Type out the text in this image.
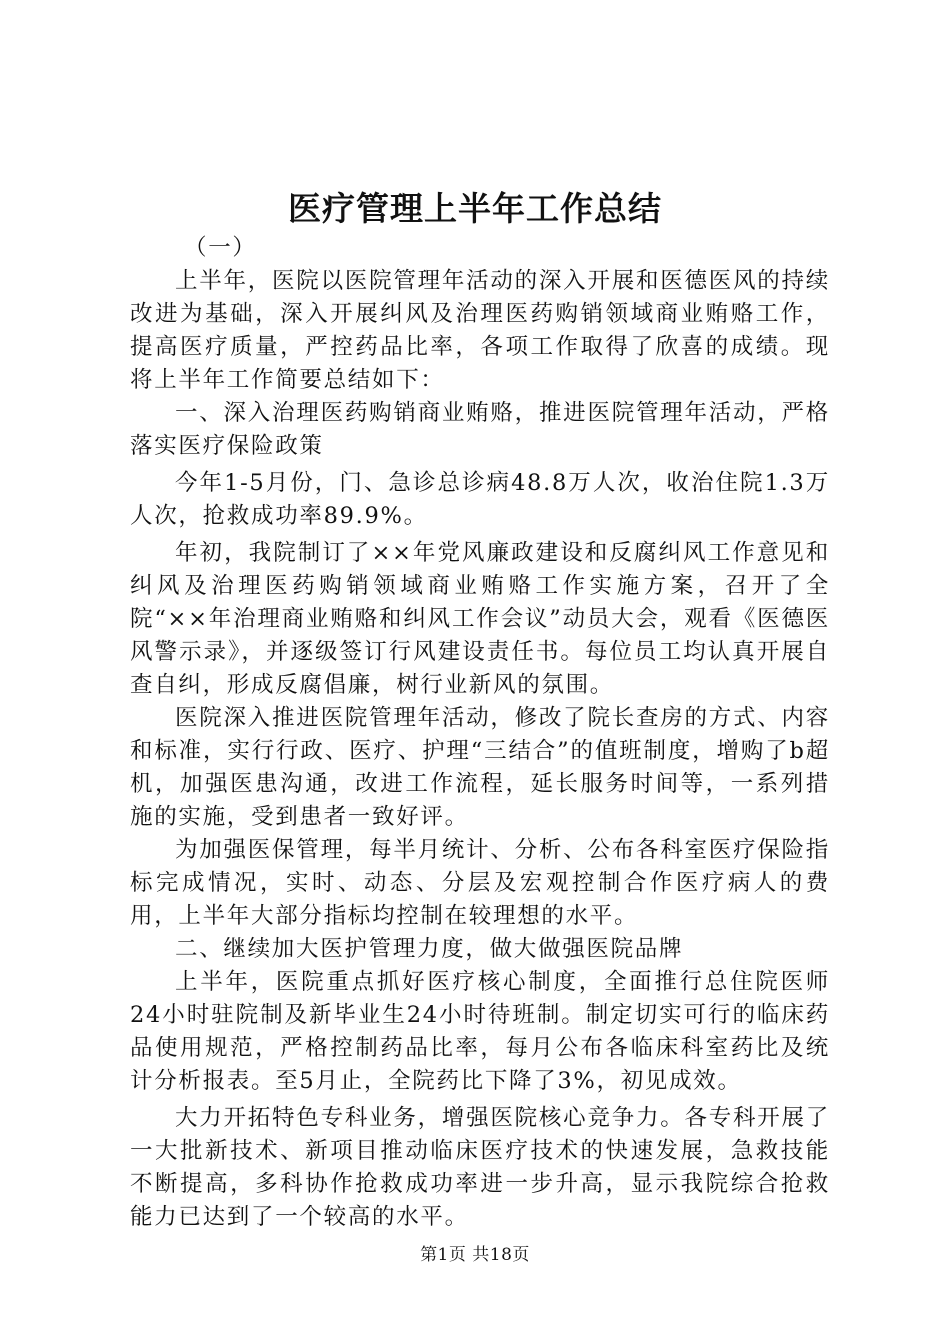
医疗管理上半年工作总结

（一）

上半年，医院以医院管理年活动的深入开展和医德医风的持续改进为基础，深入开展纠风及治理医药购销领域商业贿赂工作，提高医疗质量，严控药品比率，各项工作取得了欣喜的成绩。现将上半年工作简要总结如下：

一、深入治理医药购销商业贿赂，推进医院管理年活动，严格落实医疗保险政策

今年1-5月份，门、急诊总诊病48.8万人次，收治住院1.3万人次，抢救成功率89.9%。

年初，我院制订了××年党风廉政建设和反腐纠风工作意见和纠风及治理医药购销领域商业贿赂工作实施方案，召开了全院“××年治理商业贿赂和纠风工作会议”动员大会，观看《医德医风警示录》，并逐级签订行风建设责任书。每位员工均认真开展自查自纠，形成反腐倡廉，树行业新风的氛围。

医院深入推进医院管理年活动，修改了院长查房的方式、内容和标准，实行行政、医疗、护理“三结合”的值班制度，增购了b超机，加强医患沟通，改进工作流程，延长服务时间等，一系列措施的实施，受到患者一致好评。

为加强医保管理，每半月统计、分析、公布各科室医疗保险指标完成情况，实时、动态、分层及宏观控制合作医疗病人的费用，上半年大部分指标均控制在较理想的水平。

二、继续加大医护管理力度，做大做强医院品牌

上半年，医院重点抓好医疗核心制度，全面推行总住院医师24小时驻院制及新毕业生24小时待班制。制定切实可行的临床药品使用规范，严格控制药品比率，每月公布各临床科室药比及统计分析报表。至5月止，全院药比下降了3%，初见成效。

大力开拓特色专科业务，增强医院核心竞争力。各专科开展了一大批新技术、新项目推动临床医疗技术的快速发展，急救技能不断提高，多科协作抢救成功率进一步升高，显示我院综合抢救能力已达到了一个较高的水平。

第1页 共18页
